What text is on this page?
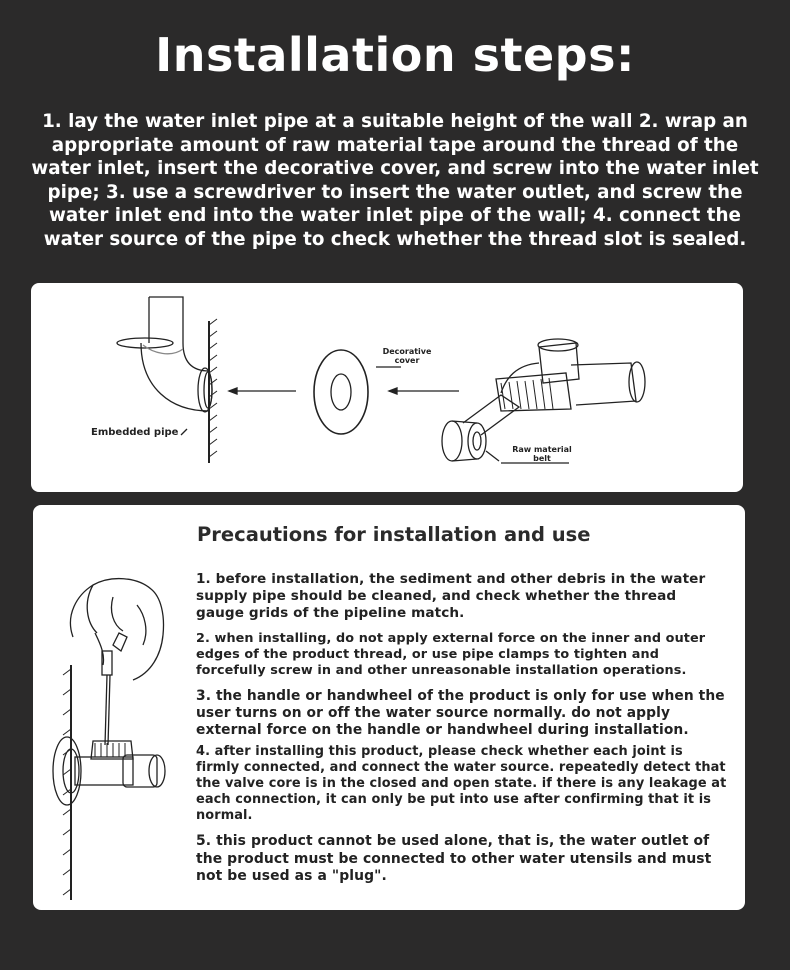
Installation steps:
1. lay the water inlet pipe at a suitable height of the wall 2. wrap an appropriate amount of raw material tape around the thread of the water inlet, insert the decorative cover, and screw into the water inlet pipe; 3. use a screwdriver to insert the water outlet, and screw the water inlet end into the water inlet pipe of the wall; 4. connect the water source of the pipe to check whether the thread slot is sealed.
Embedded pipe
Decorative cover
Raw material belt
Precautions for installation and use
1. before installation, the sediment and other debris in the water supply pipe should be cleaned, and check whether the thread gauge grids of the pipeline match.
2. when installing, do not apply external force on the inner and outer edges of the product thread, or use pipe clamps to tighten and forcefully screw in and other unreasonable installation operations.
3. the handle or handwheel of the product is only for use when the user turns on or off the water source normally. do not apply external force on the handle or handwheel during installation.
4. after installing this product, please check whether each joint is firmly connected, and connect the water source. repeatedly detect that the valve core is in the closed and open state. if there is any leakage at each connection, it can only be put into use after confirming that it is normal.
5. this product cannot be used alone, that is, the water outlet of the product must be connected to other water utensils and must not be used as a "plug".
